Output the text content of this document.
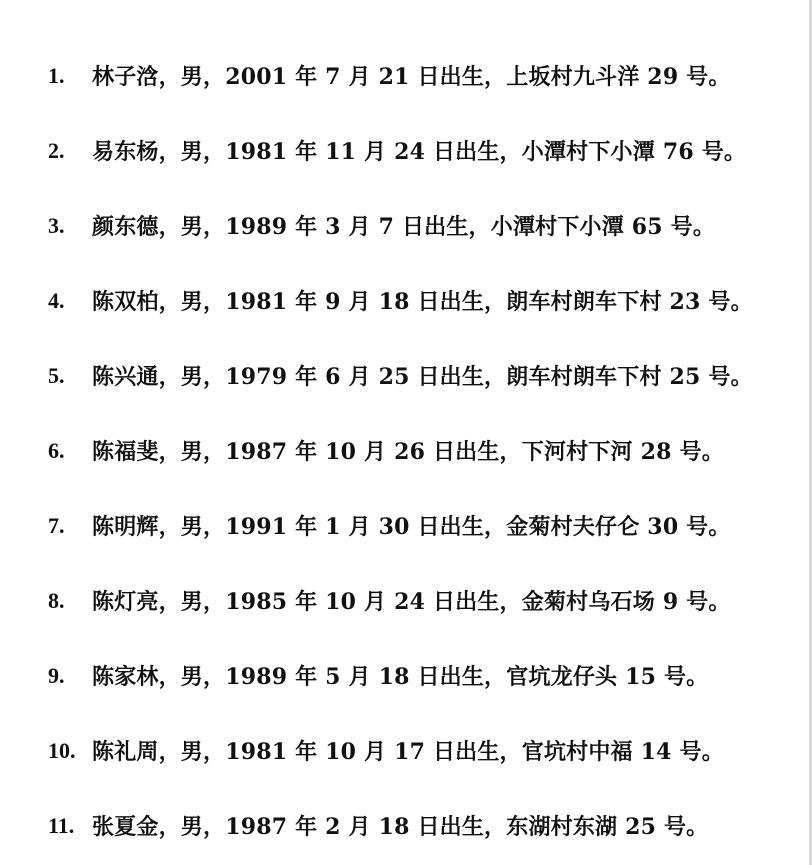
1.	林子浛，男，2001 年 7 月 21 日出生，上坂村九斗洋 29 号。
2.	易东杨，男，1981 年 11 月 24 日出生，小潭村下小潭 76 号。
3.	颜东德，男，1989 年 3 月 7 日出生，小潭村下小潭 65 号。
4.	陈双柏，男，1981 年 9 月 18 日出生，朗车村朗车下村 23 号。
5.	陈兴通，男，1979 年 6 月 25 日出生，朗车村朗车下村 25 号。
6.	陈福斐，男，1987 年 10 月 26 日出生，下河村下河 28 号。
7.	陈明辉，男，1991 年 1 月 30 日出生，金菊村夫仔仑 30 号。
8.	陈灯亮，男，1985 年 10 月 24 日出生，金菊村乌石场 9 号。
9.	陈家林，男，1989 年 5 月 18 日出生，官坑龙仔头 15 号。
10. 陈礼周，男，1981 年 10 月 17 日出生，官坑村中福 14 号。
11. 张夏金，男，1987 年 2 月 18 日出生，东湖村东湖 25 号。
